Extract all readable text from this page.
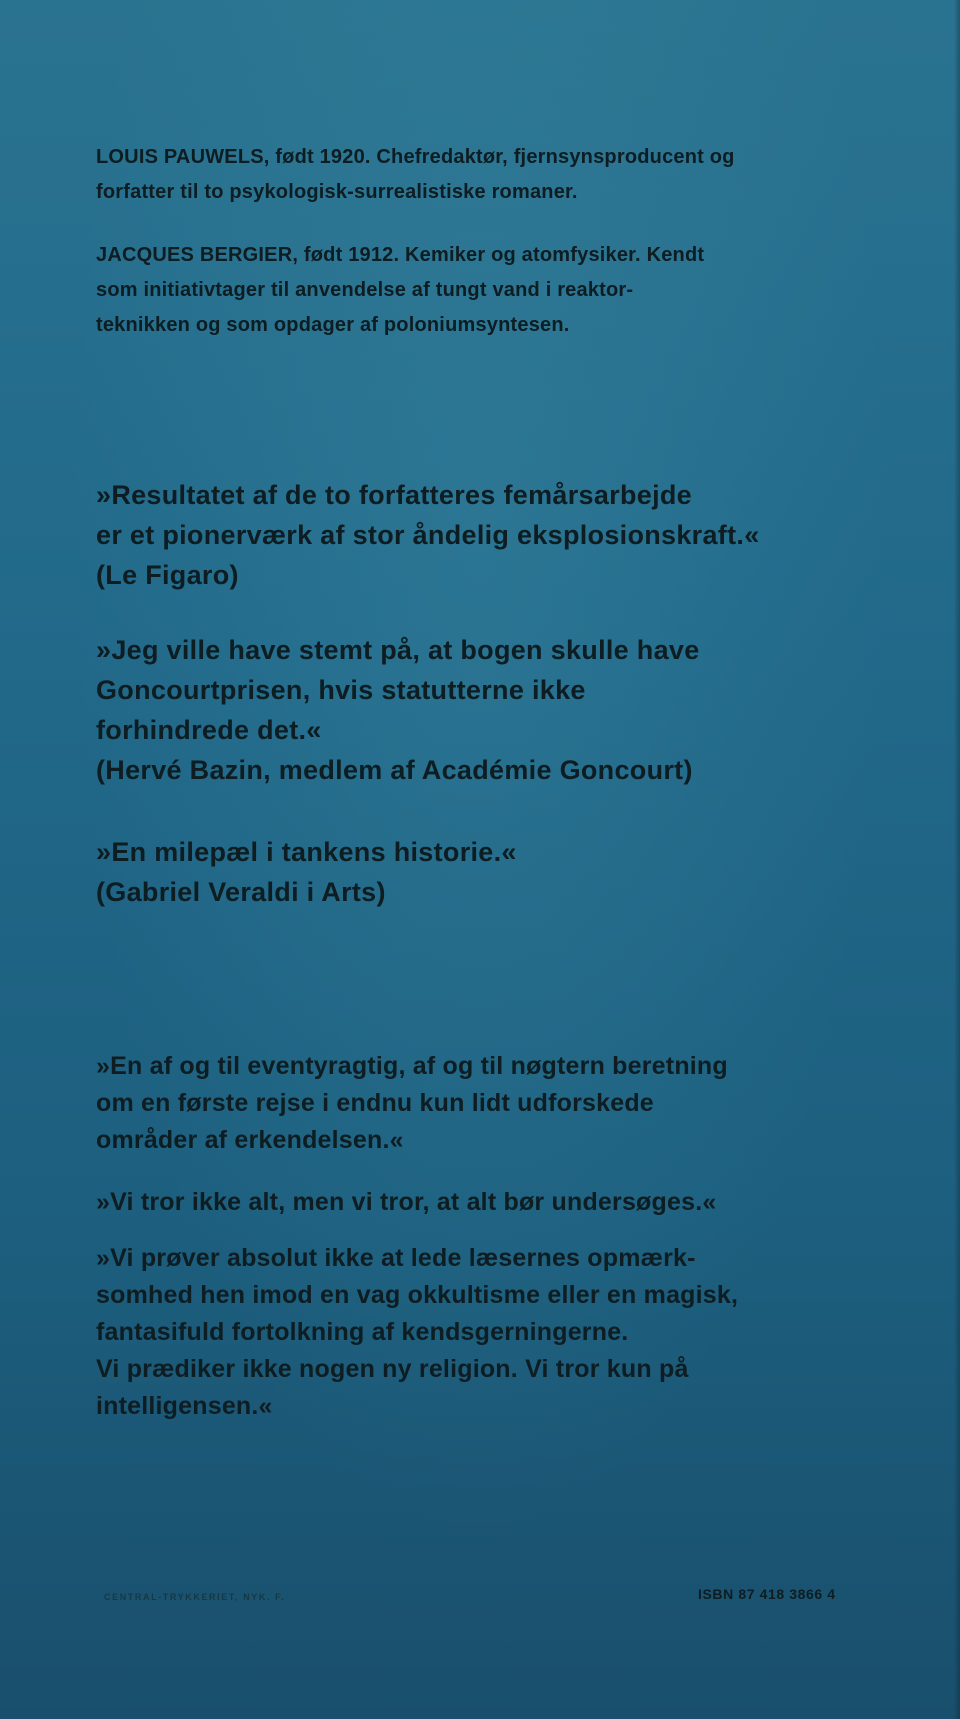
LOUIS PAUWELS, født 1920. Chefredaktør, fjernsynsproducent og
forfatter til to psykologisk-surrealistiske romaner.
JACQUES BERGIER, født 1912. Kemiker og atomfysiker. Kendt
som initiativtager til anvendelse af tungt vand i reaktor-
teknikken og som opdager af poloniumsyntesen.
»Resultatet af de to forfatteres femårsarbejde
er et pionerværk af stor åndelig eksplosionskraft.«
(Le Figaro)
»Jeg ville have stemt på, at bogen skulle have
Goncourtprisen, hvis statutterne ikke
forhindrede det.«
(Hervé Bazin, medlem af Académie Goncourt)
»En milepæl i tankens historie.«
(Gabriel Veraldi i Arts)
»En af og til eventyragtig, af og til nøgtern beretning
om en første rejse i endnu kun lidt udforskede
områder af erkendelsen.«
»Vi tror ikke alt, men vi tror, at alt bør undersøges.«
»Vi prøver absolut ikke at lede læsernes opmærk-
somhed hen imod en vag okkultisme eller en magisk,
fantasifuld fortolkning af kendsgerningerne.
Vi prædiker ikke nogen ny religion. Vi tror kun på
intelligensen.«
CENTRAL-TRYKKERIET, NYK. F.	ISBN 87 418 3866 4
